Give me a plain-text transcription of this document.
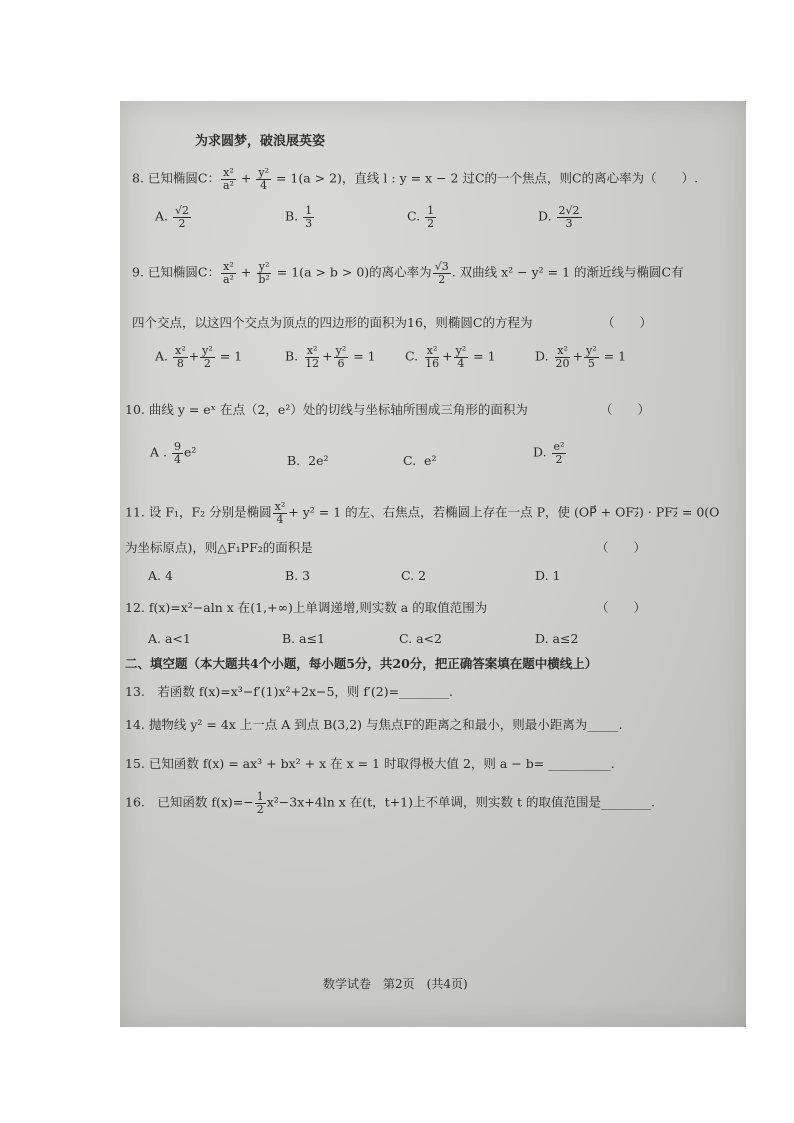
为求圆梦，破浪展英姿
8. 已知椭圆C： $\frac{\text{x²}}{\text{a²}} + \frac{\text{y²}}{4} = 1(a > 2)$，直线 l : y = x − 2 过C的一个焦点，则C的离心率为（　　）.
A. $\frac{√2}{2}$	B. $\frac{1}{3}$	C. $\frac{1}{2}$	D. $\frac{2√2}{3}$
9. 已知椭圆C： $\frac{\text{x²}}{\text{a²}} + \frac{\text{y²}}{\text{b²}} = 1(a > b > 0)$的离心率为 $\frac{√3}{2}$ . 双曲线 x² − y² = 1 的渐近线与椭圆C有
四个交点，以这四个交点为顶点的四边形的面积为16，则椭圆C的方程为	（　　）
A. $\frac{\text{x²}}{8} + \frac{\text{y²}}{2} = 1$	B. $\frac{\text{x²}}{12} + \frac{\text{y²}}{6} = 1$ C. $\frac{\text{x²}}{16} + \frac{\text{y²}}{4} = 1$	D. $\frac{\text{x²}}{20} + \frac{\text{y²}}{5} = 1$
10. 曲线 y = eˣ 在点（2，e²）处的切线与坐标轴所围成三角形的面积为	（　　）
A . $\frac{9}{4} e^2$
B. 2e²	C. e²
D. $\frac{\text{e²}}{2}$
11. 设 F₁，F₂ 分别是椭圆 $\frac{\text{x²}}{4} + y^2 = 1$ 的左、右焦点，若椭圆上存在一点 P，使 (OP⃗ + OF₂⃗) · PF₂⃗ = 0(O
为坐标原点)，则△F₁PF₂的面积是	（　　）
A. 4	B. 3	C. 2	D. 1
12. f(x)=x²−aln x 在(1,+∞)上单调递增,则实数 a 的取值范围为	（　　）
A. a<1	B. a≤1	C. a<2	D. a≤2
二、填空题（本大题共4个小题，每小题5分，共20分，把正确答案填在题中横线上）
13.　若函数 f(x)=x³−f′(1)x²+2x−5，则 f′(2)=________.
14. 抛物线 y² = 4x 上一点 A 到点 B(3,2) 与焦点F的距离之和最小，则最小距离为_____.
15. 已知函数 f(x) = ax³ + bx² + x 在 x = 1 时取得极大值 2，则 a − b= __________.
16.　已知函数 $f(x)=- \frac{1}{2} x^2-3x+4\ln$ x 在(t，t+1)上不单调，则实数 t 的取值范围是________.
数学试卷　第2页　(共4页)
